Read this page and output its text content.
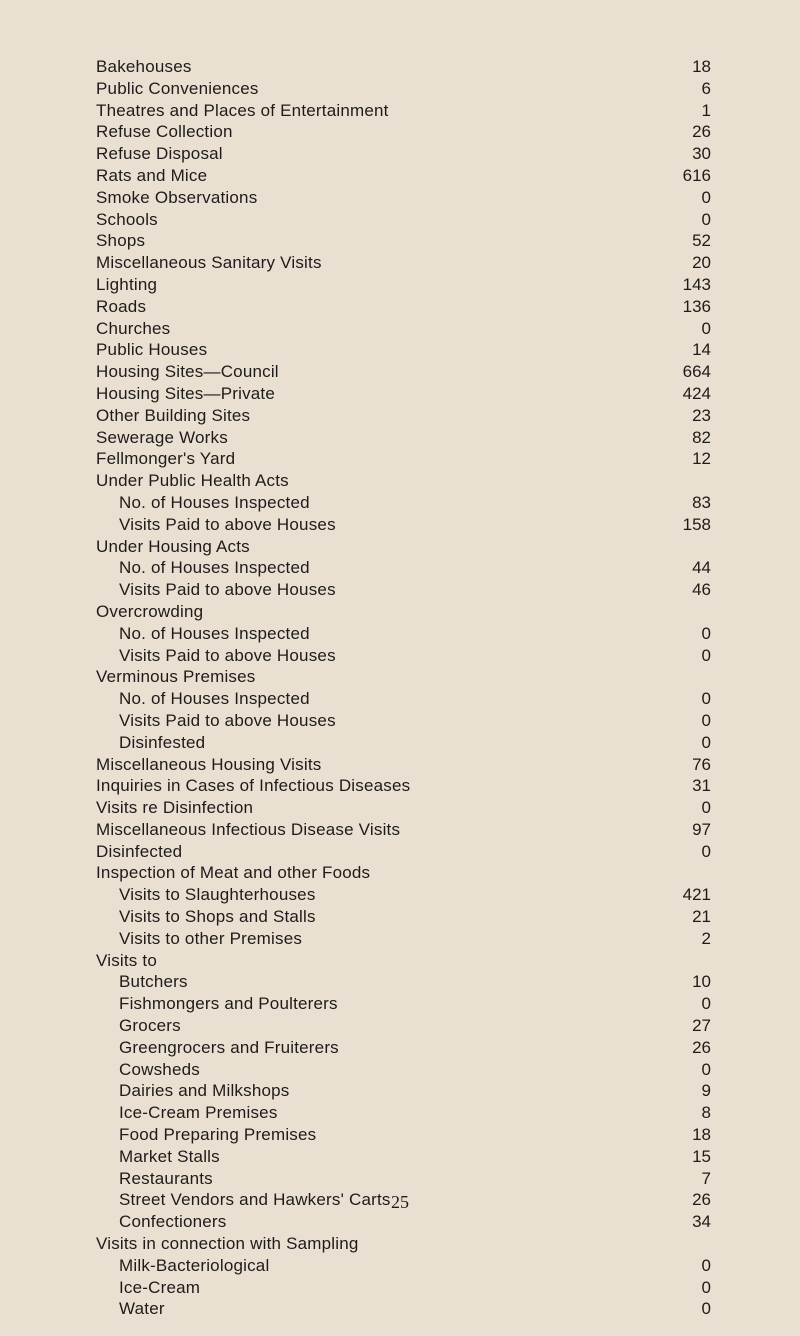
Bakehouses	18
Public Conveniences	6
Theatres and Places of Entertainment	1
Refuse Collection	26
Refuse Disposal	30
Rats and Mice	616
Smoke Observations	0
Schools	0
Shops	52
Miscellaneous Sanitary Visits	20
Lighting	143
Roads	136
Churches	0
Public Houses	14
Housing Sites—Council	664
Housing Sites—Private	424
Other Building Sites	23
Sewerage Works	82
Fellmonger's Yard	12
Under Public Health Acts
No. of Houses Inspected	83
Visits Paid to above Houses	158
Under Housing Acts
No. of Houses Inspected	44
Visits Paid to above Houses	46
Overcrowding
No. of Houses Inspected	0
Visits Paid to above Houses	0
Verminous Premises
No. of Houses Inspected	0
Visits Paid to above Houses	0
Disinfested	0
Miscellaneous Housing Visits	76
Inquiries in Cases of Infectious Diseases	31
Visits re Disinfection	0
Miscellaneous Infectious Disease Visits	97
Disinfected	0
Inspection of Meat and other Foods
Visits to Slaughterhouses	421
Visits to Shops and Stalls	21
Visits to other Premises	2
Visits to
Butchers	10
Fishmongers and Poulterers	0
Grocers	27
Greengrocers and Fruiterers	26
Cowsheds	0
Dairies and Milkshops	9
Ice-Cream Premises	8
Food Preparing Premises	18
Market Stalls	15
Restaurants	7
Street Vendors and Hawkers' Carts	26
Confectioners	34
Visits in connection with Sampling
Milk-Bacteriological	0
Ice-Cream	0
Water	0
25
